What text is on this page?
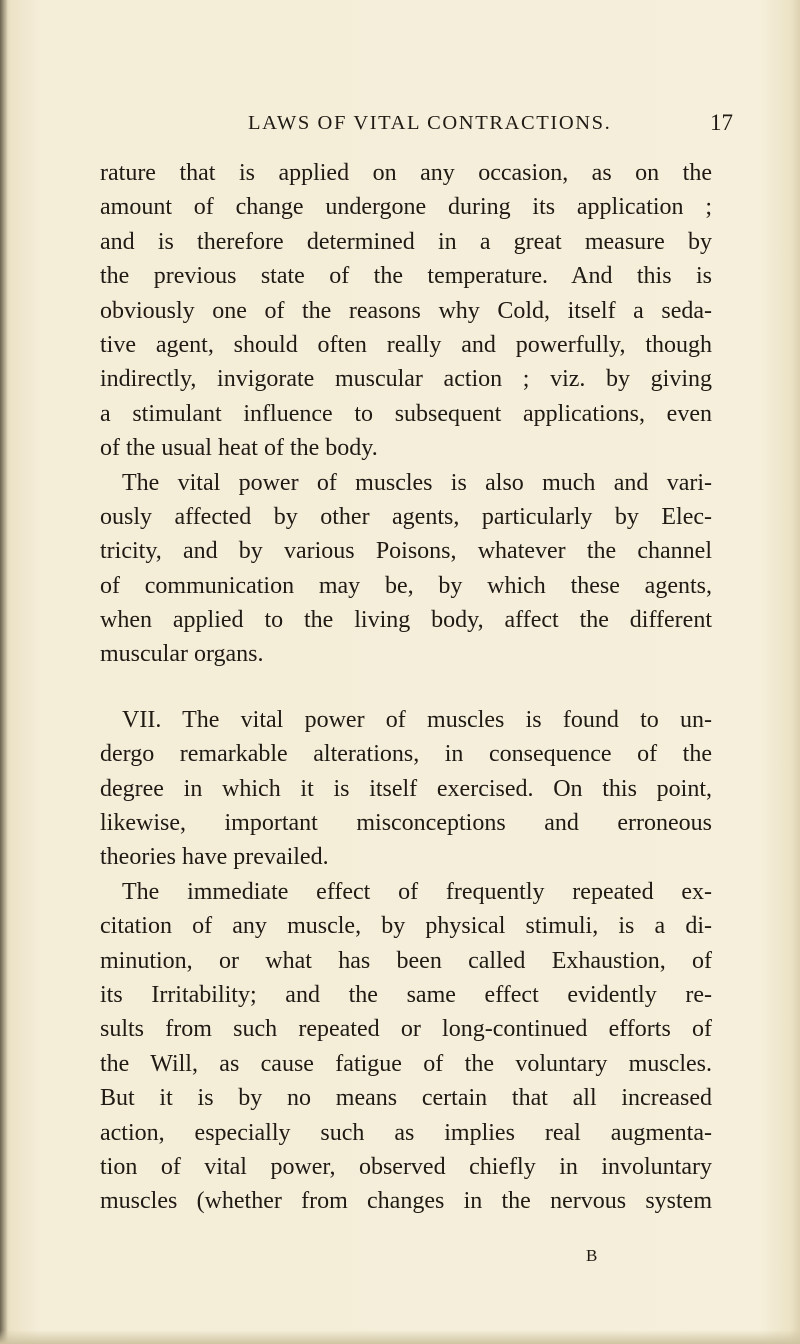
LAWS OF VITAL CONTRACTIONS.	17
rature that is applied on any occasion, as on the
amount of change undergone during its application ;
and is therefore determined in a great measure by
the previous state of the temperature. And this is
obviously one of the reasons why Cold, itself a seda-
tive agent, should often really and powerfully, though
indirectly, invigorate muscular action ; viz. by giving
a stimulant influence to subsequent applications, even
of the usual heat of the body.
The vital power of muscles is also much and vari-
ously affected by other agents, particularly by Elec-
tricity, and by various Poisons, whatever the channel
of communication may be, by which these agents,
when applied to the living body, affect the different
muscular organs.
VII. The vital power of muscles is found to un-
dergo remarkable alterations, in consequence of the
degree in which it is itself exercised. On this point,
likewise, important misconceptions and erroneous
theories have prevailed.
The immediate effect of frequently repeated ex-
citation of any muscle, by physical stimuli, is a di-
minution, or what has been called Exhaustion, of
its Irritability; and the same effect evidently re-
sults from such repeated or long-continued efforts of
the Will, as cause fatigue of the voluntary muscles.
But it is by no means certain that all increased
action, especially such as implies real augmenta-
tion of vital power, observed chiefly in involuntary
muscles (whether from changes in the nervous system
B
